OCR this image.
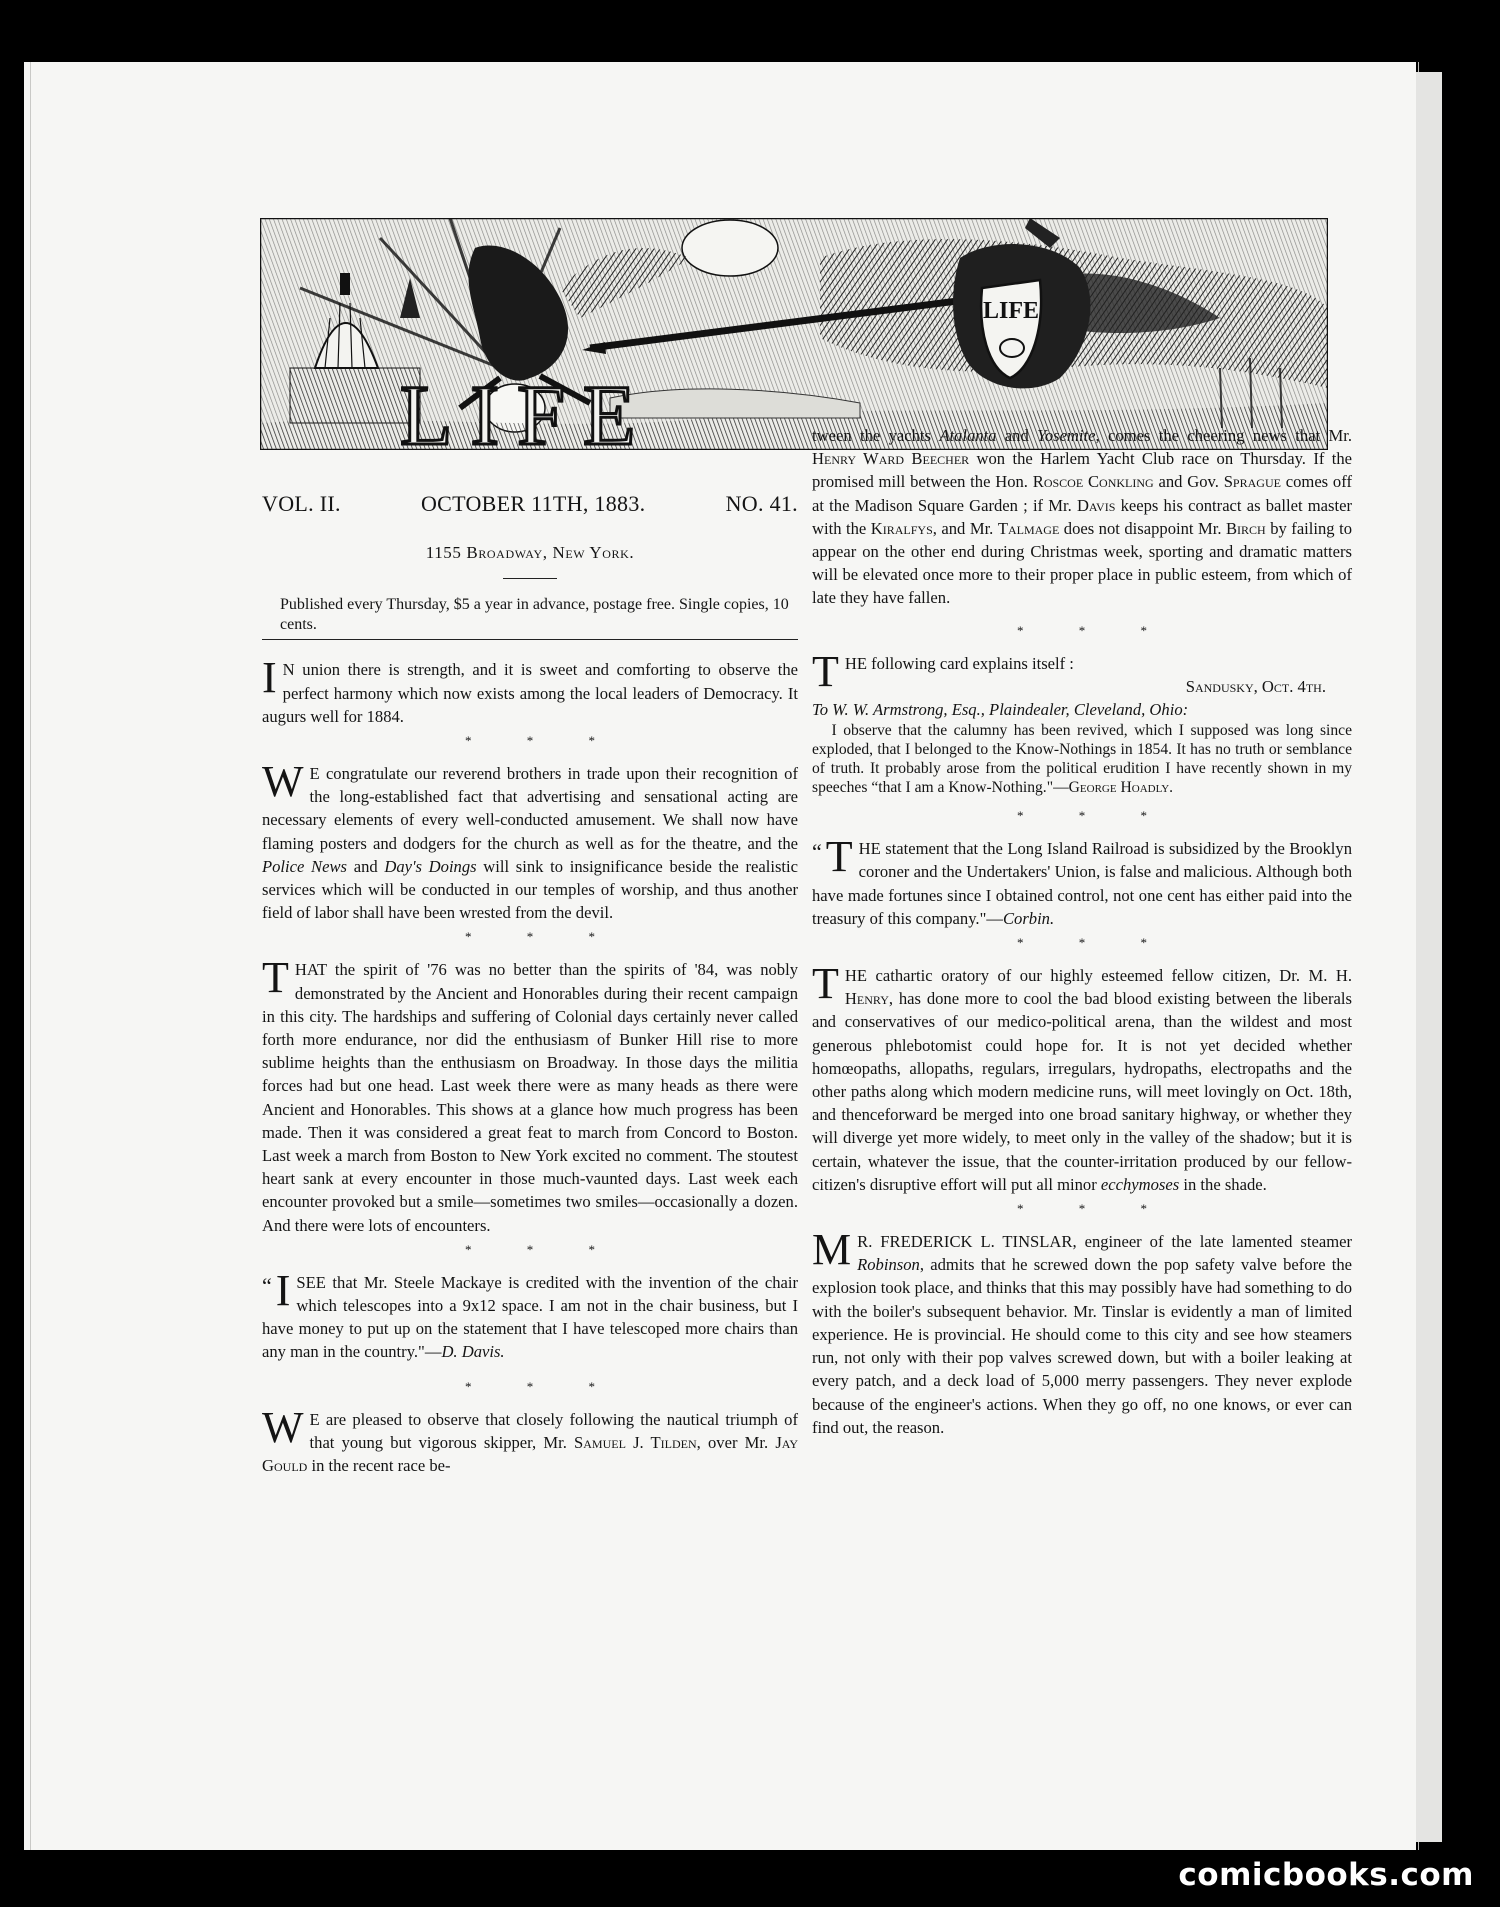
LIFE
LIFE
VOL. II.	OCTOBER 11TH, 1883.	NO. 41.
1155 Broadway, New York.
Published every Thursday, $5 a year in advance, postage free. Single copies, 10 cents.

I N union there is strength, and it is sweet and comforting to observe the perfect harmony which now exists among the local leaders of Democracy. It augurs well for 1884.

* * *

W E congratulate our reverend brothers in trade upon their recognition of the long-established fact that advertising and sensational acting are necessary elements of every well-conducted amusement. We shall now have flaming posters and dodgers for the church as well as for the theatre, and the Police News and Day's Doings will sink to insignificance beside the realistic services which will be conducted in our temples of worship, and thus another field of labor shall have been wrested from the devil.

* * *

THAT the spirit of '76 was no better than the spirits of '84, was nobly demonstrated by the Ancient and Honorables during their recent campaign in this city. The hardships and suffering of Colonial days certainly never called forth more endurance, nor did the enthusiasm of Bunker Hill rise to more sublime heights than the enthusiasm on Broadway. In those days the militia forces had but one head. Last week there were as many heads as there were Ancient and Honorables. This shows at a glance how much progress has been made. Then it was considered a great feat to march from Concord to Boston. Last week a march from Boston to New York excited no comment. The stoutest heart sank at every encounter in those much-vaunted days. Last week each encounter provoked but a smile—sometimes two smiles—occasionally a dozen. And there were lots of encounters.

* * *

“ I SEE that Mr. Steele Mackaye is credited with the invention of the chair which telescopes into a 9x12 space. I am not in the chair business, but I have money to put up on the statement that I have telescoped more chairs than any man in the country."—D. Davis.

* * *

W E are pleased to observe that closely following the nautical triumph of that young but vigorous skipper, Mr. Samuel J. Tilden, over Mr. Jay Gould in the recent race be-

tween the yachts Atalanta and Yosemite, comes the cheering news that Mr. Henry Ward Beecher won the Harlem Yacht Club race on Thursday. If the promised mill between the Hon. Roscoe Conkling and Gov. Sprague comes off at the Madison Square Garden ; if Mr. Davis keeps his contract as ballet master with the Kiralfys, and Mr. Talmage does not disappoint Mr. Birch by failing to appear on the other end during Christmas week, sporting and dramatic matters will be elevated once more to their proper place in public esteem, from which of late they have fallen.

* * *

THE following card explains itself :

Sandusky, Oct. 4th.
To W. W. Armstrong, Esq., Plaindealer, Cleveland, Ohio:

I observe that the calumny has been revived, which I supposed was long since exploded, that I belonged to the Know-Nothings in 1854. It has no truth or semblance of truth. It probably arose from the political erudition I have recently shown in my speeches “that I am a Know-Nothing."—George Hoadly.

* * *

“ T HE statement that the Long Island Railroad is subsidized by the Brooklyn coroner and the Undertakers' Union, is false and malicious. Although both have made fortunes since I obtained control, not one cent has either paid into the treasury of this company."—Corbin.

* * *

THE cathartic oratory of our highly esteemed fellow citizen, Dr. M. H. Henry, has done more to cool the bad blood existing between the liberals and conservatives of our medico-political arena, than the wildest and most generous phlebotomist could hope for. It is not yet decided whether homœopaths, allopaths, regulars, irregulars, hydropaths, electropaths and the other paths along which modern medicine runs, will meet lovingly on Oct. 18th, and thenceforward be merged into one broad sanitary highway, or whether they will diverge yet more widely, to meet only in the valley of the shadow; but it is certain, whatever the issue, that the counter-irritation produced by our fellow-citizen's disruptive effort will put all minor ecchymoses in the shade.

* * *

M R. FREDERICK L. TINSLAR, engineer of the late lamented steamer Robinson, admits that he screwed down the pop safety valve before the explosion took place, and thinks that this may possibly have had something to do with the boiler's subsequent behavior. Mr. Tinslar is evidently a man of limited experience. He is provincial. He should come to this city and see how steamers run, not only with their pop valves screwed down, but with a boiler leaking at every patch, and a deck load of 5,000 merry passengers. They never explode because of the engineer's actions. When they go off, no one knows, or ever can find out, the reason.

comicbooks.com
